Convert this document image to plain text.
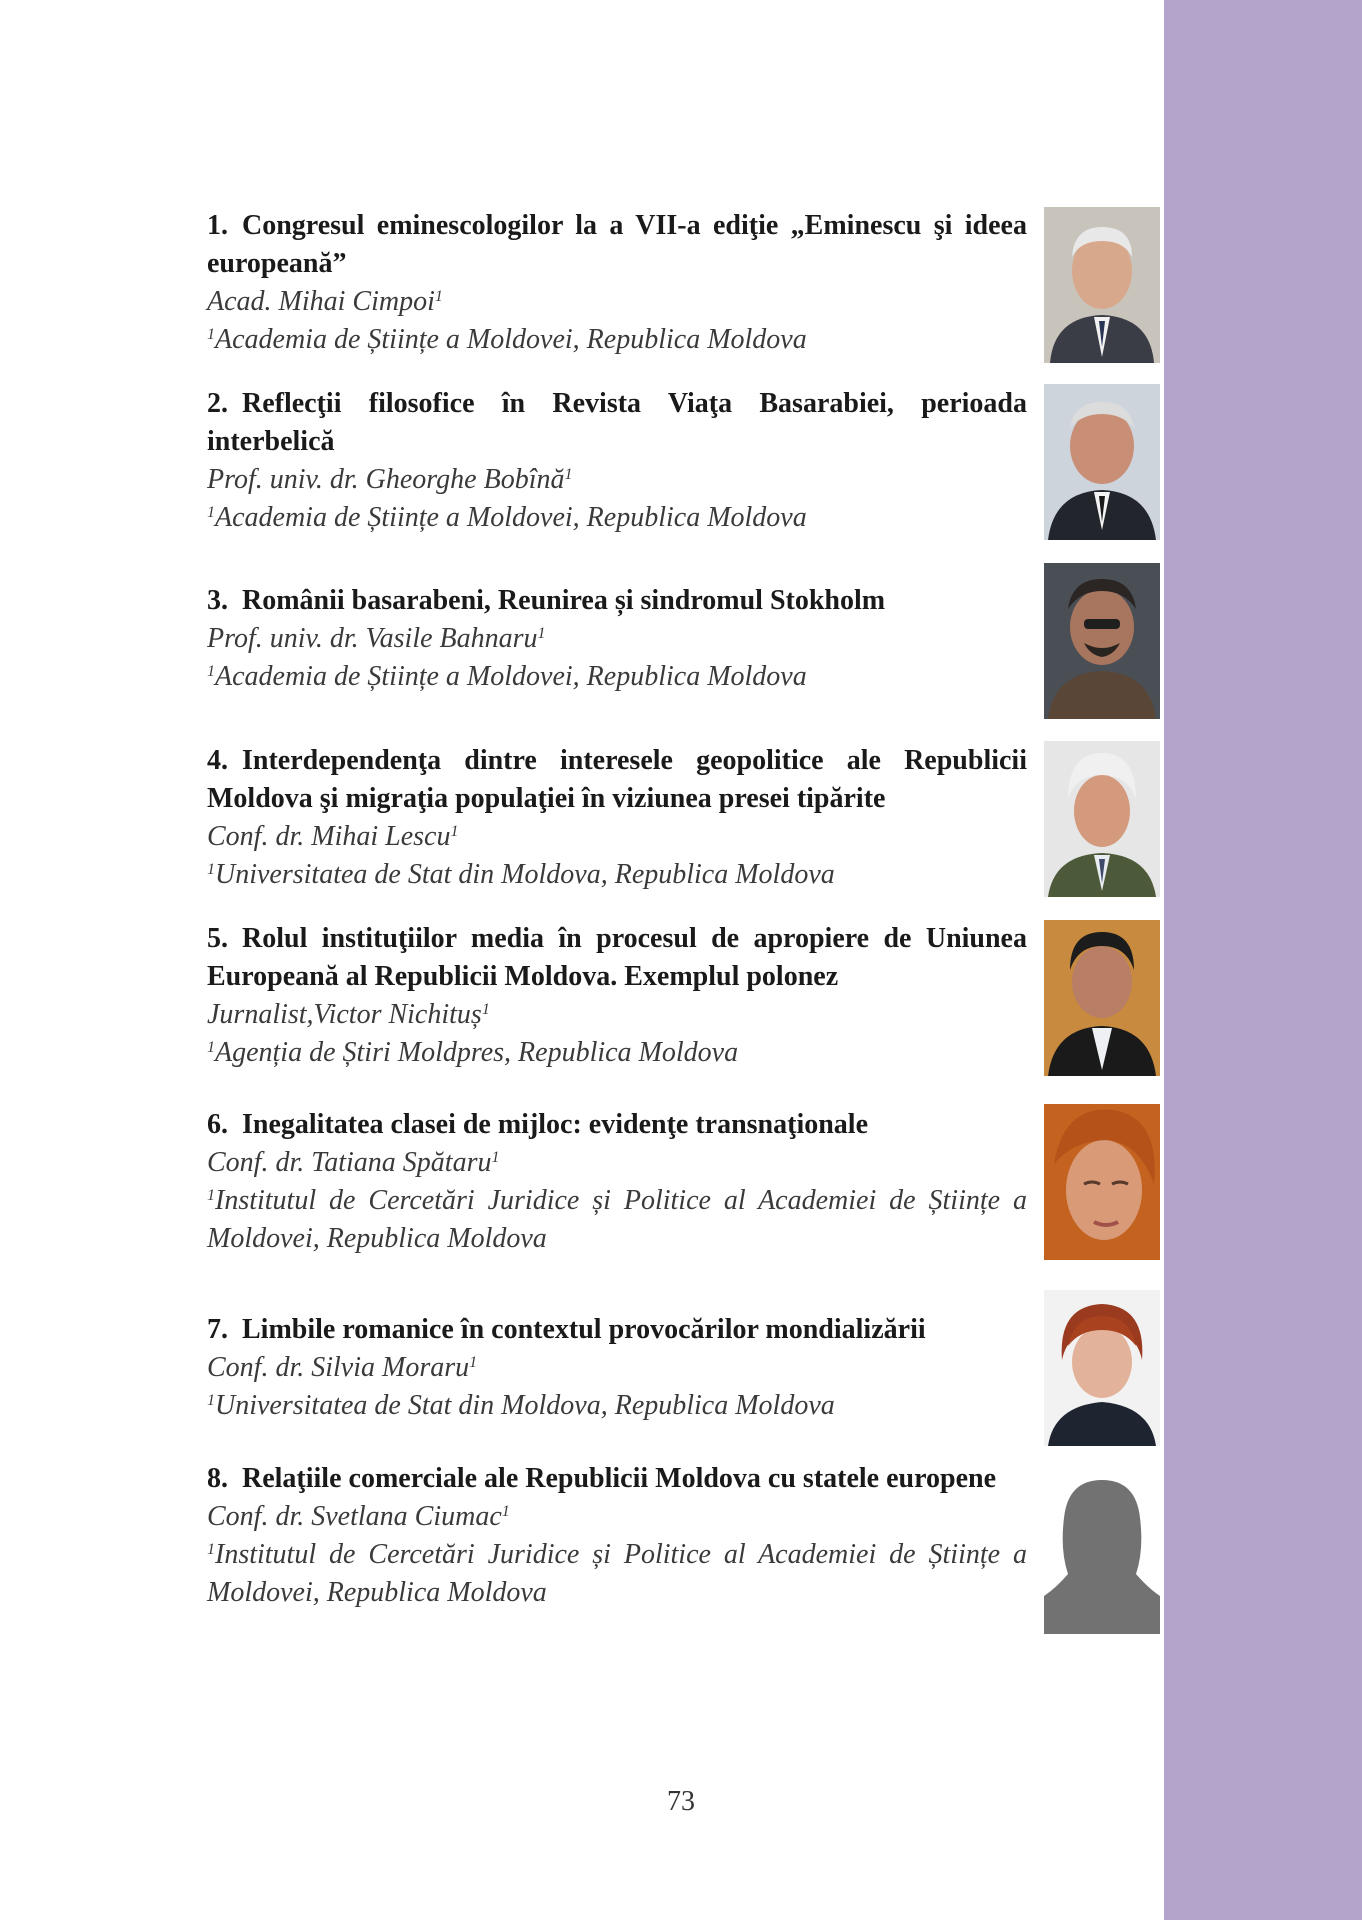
1. Congresul eminescologilor la a VII-a ediţie „Eminescu şi ideea europeană”

Acad. Mihai Cimpoi$^1$

$^1$Academia de Științe a Moldovei, Republica Moldova

2. Reflecţii filosofice în Revista Viaţa Basarabiei, perioada interbelică

Prof. univ. dr. Gheorghe Bobînă$^1$

$^1$Academia de Științe a Moldovei, Republica Moldova

3. Românii basarabeni, Reunirea și sindromul Stokholm

Prof. univ. dr. Vasile Bahnaru$^1$

$^1$Academia de Științe a Moldovei, Republica Moldova

4. Interdependenţa dintre interesele geopolitice ale Republicii Moldova şi migraţia populaţiei în viziunea presei tipărite

Conf. dr. Mihai Lescu$^1$

$^1$Universitatea de Stat din Moldova, Republica Moldova

5. Rolul instituţiilor media în procesul de apropiere de Uniunea Europeană al Republicii Moldova. Exemplul polonez

Jurnalist,Victor Nichituș$^1$

$^1$Agenția de Știri Moldpres, Republica Moldova

6. Inegalitatea clasei de mijloc: evidenţe transnaţionale

Conf. dr. Tatiana Spătaru$^1$

$^1$Institutul de Cercetări Juridice și Politice al Academiei de Științe a Moldovei, Republica Moldova

7. Limbile romanice în contextul provocărilor mondializării

Conf. dr. Silvia Moraru$^1$

$^1$Universitatea de Stat din Moldova, Republica Moldova

8. Relaţiile comerciale ale Republicii Moldova cu statele europene

Conf. dr. Svetlana Ciumac$^1$

$^1$Institutul de Cercetări Juridice și Politice al Academiei de Științe a Moldovei, Republica Moldova

73
